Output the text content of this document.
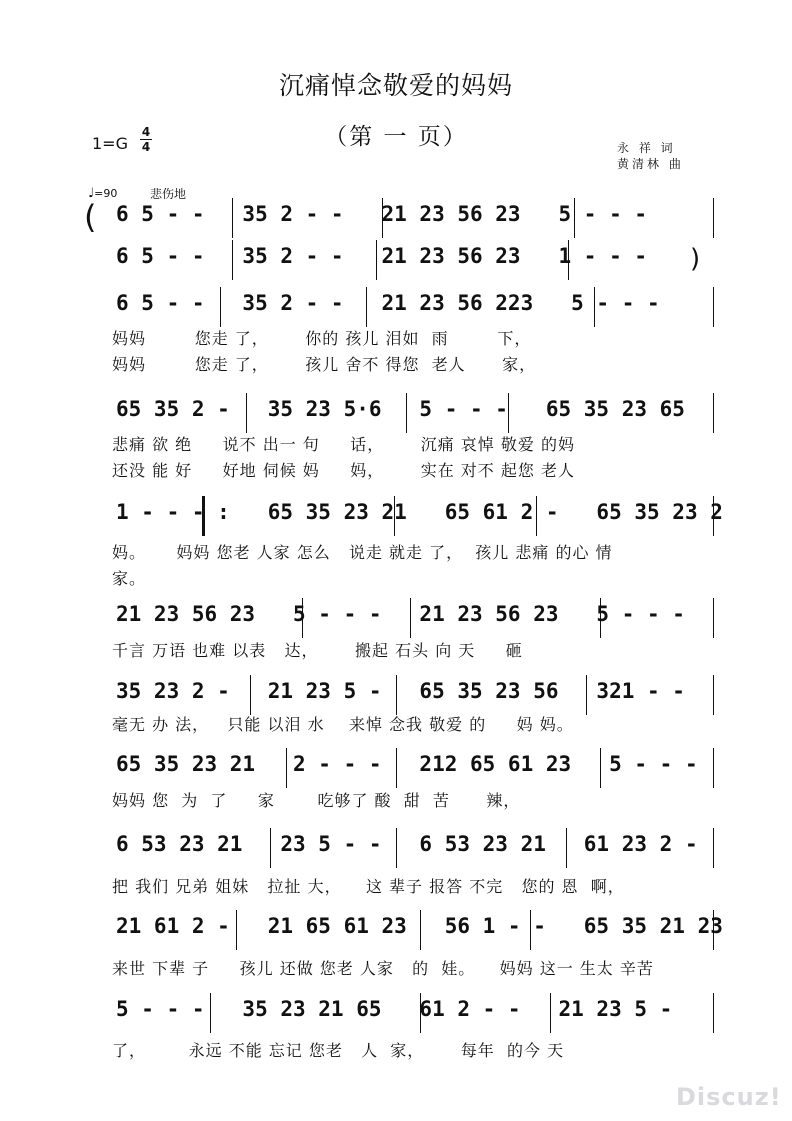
沉痛悼念敬爱的妈妈
（第 一 页）
1=G
4
4	永 祥 词
黄清林 曲
♩=90	悲伤地
(
)
6 5 - -   35 2 - -   21 23 56 23   5 - - -
6 5 - -   35 2 - -   21 23 56 23   1 - - -
6 5 - -   35 2 - -   21 23 56 223   5 - - -
妈妈        您走 了，      你的 孩儿 泪如  雨        下，
妈妈        您走 了，      孩儿 舍不 得您  老人      家，
65 35 2 -   35 23 5·6   5 - - -   65 35 23 65
悲痛 欲 绝     说不 出一 句     话，      沉痛 哀悼 敬爱 的妈
还没 能 好     好地 伺候 妈     妈，      实在 对不 起您 老人
1 - - - :   65 35 23 21   65 61 2 -   65 35 23 2
妈。     妈妈 您老 人家 怎么   说走 就走 了，  孩儿 悲痛 的心 情
家。
21 23 56 23   5 - - -   21 23 56 23   5 - - -
千言 万语 也难 以表   达，      搬起 石头 向 天     砸
35 23 2 -   21 23 5 -   65 35 23 56   321 - -
毫无 办 法，   只能 以泪 水    来悼 念我 敬爱 的     妈 妈。
65 35 23 21   2 - - -   212 65 61 23   5 - - -
妈妈 您  为  了     家       吃够了 酸  甜  苦      辣，
6 53 23 21   23 5 - -   6 53 23 21   61 23 2 -
把 我们 兄弟 姐妹   拉扯 大，    这 辈子 报答 不完   您的 恩  啊，
21 61 2 -   21 65 61 23   56 1 - -   65 35 21 23
来世 下辈 子     孩儿 还做 您老 人家   的  娃。    妈妈 这一 生太 辛苦
5 - - -   35 23 21 65   61 2 - -   21 23 5 -
了，       永远 不能 忘记 您老   人  家，      每年  的今 天
Discuz!
